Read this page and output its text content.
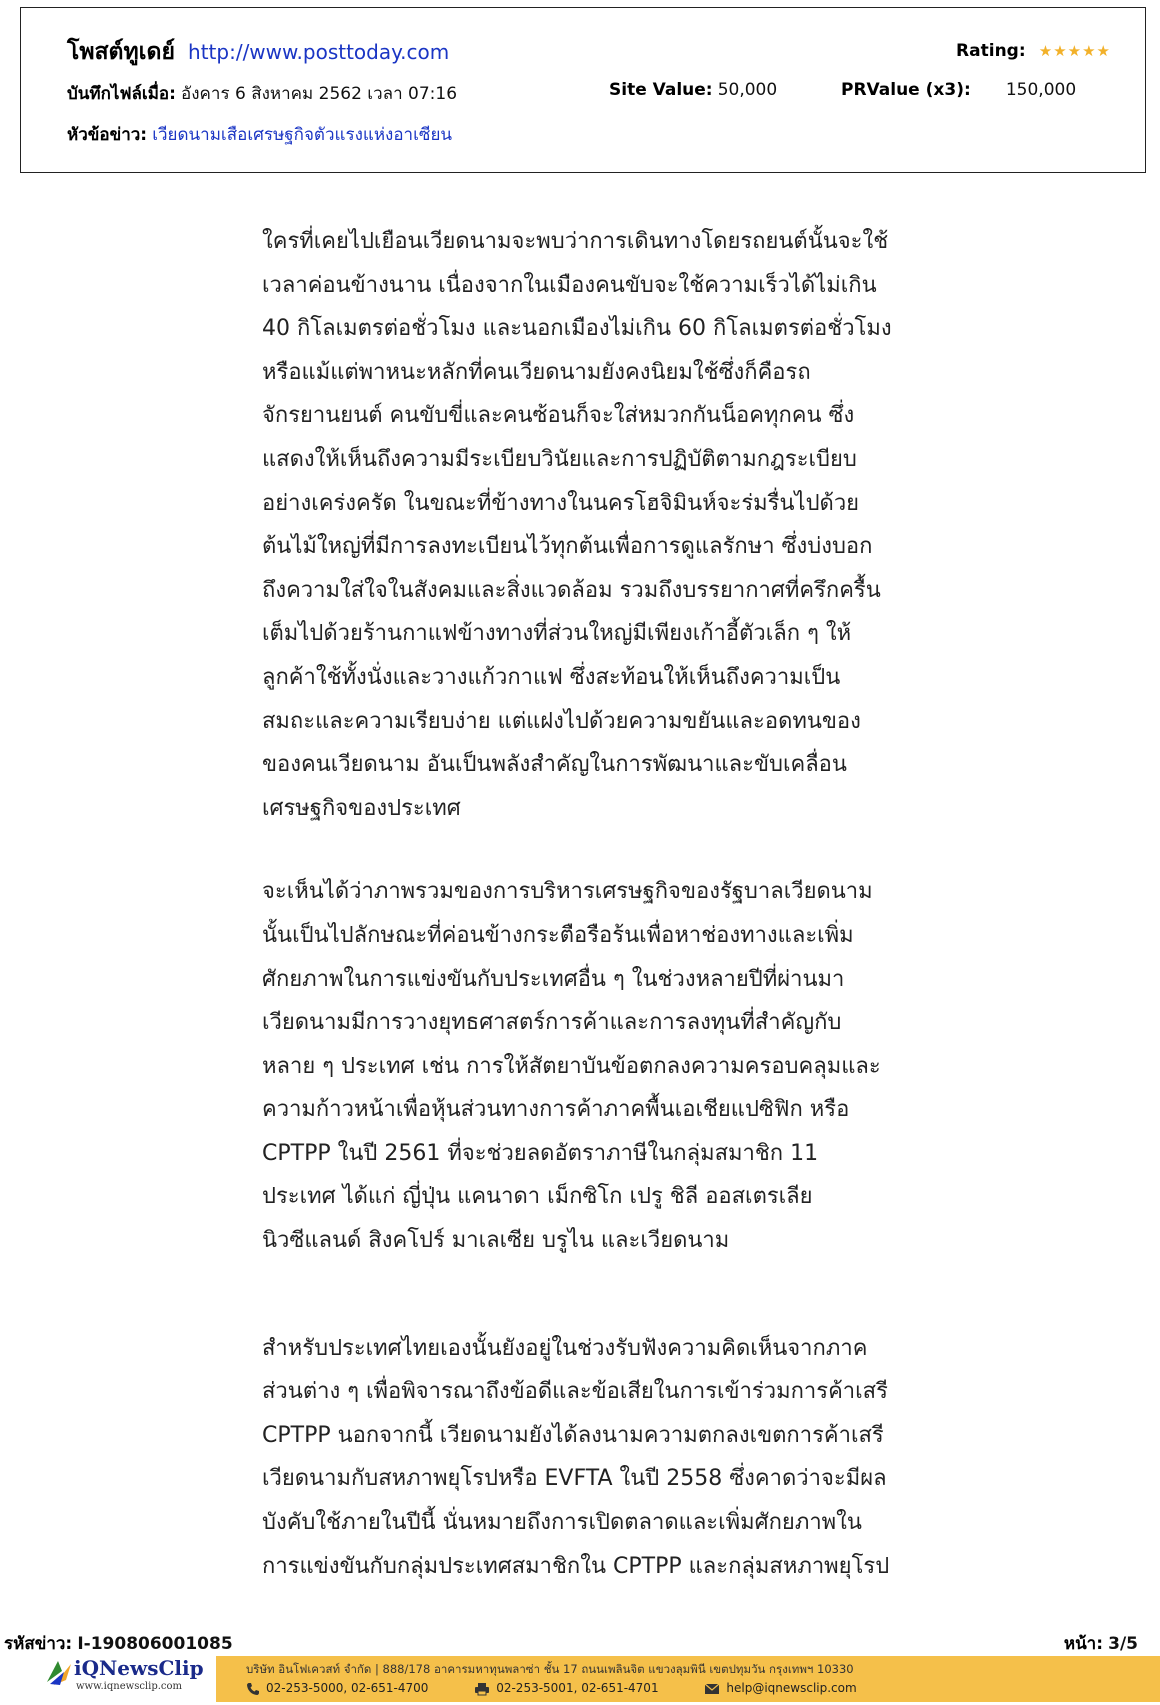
โพสต์ทูเดย์ http://www.posttoday.com	Rating: ★★★★★
บันทึกไฟล์เมื่อ: อังคาร 6 สิงหาคม 2562 เวลา 07:16	Site Value: 50,000	PRValue (x3): 150,000
หัวข้อข่าว: เวียดนามเสือเศรษฐกิจตัวแรงแห่งอาเซียน
ใครที่เคยไปเยือนเวียดนามจะพบว่าการเดินทางโดยรถยนต์นั้นจะใช้
เวลาค่อนข้างนาน เนื่องจากในเมืองคนขับจะใช้ความเร็วได้ไม่เกิน
40 กิโลเมตรต่อชั่วโมง และนอกเมืองไม่เกิน 60 กิโลเมตรต่อชั่วโมง
หรือแม้แต่พาหนะหลักที่คนเวียดนามยังคงนิยมใช้ซึ่งก็คือรถ
จักรยานยนต์ คนขับขี่และคนซ้อนก็จะใส่หมวกกันน็อคทุกคน ซึ่ง
แสดงให้เห็นถึงความมีระเบียบวินัยและการปฏิบัติตามกฎระเบียบ
อย่างเคร่งครัด ในขณะที่ข้างทางในนครโฮจิมินห์จะร่มรื่นไปด้วย
ต้นไม้ใหญ่ที่มีการลงทะเบียนไว้ทุกต้นเพื่อการดูแลรักษา ซึ่งบ่งบอก
ถึงความใส่ใจในสังคมและสิ่งแวดล้อม รวมถึงบรรยากาศที่ครึกครื้น
เต็มไปด้วยร้านกาแฟข้างทางที่ส่วนใหญ่มีเพียงเก้าอี้ตัวเล็ก ๆ ให้
ลูกค้าใช้ทั้งนั่งและวางแก้วกาแฟ ซึ่งสะท้อนให้เห็นถึงความเป็น
สมถะและความเรียบง่าย แต่แฝงไปด้วยความขยันและอดทนของ
ของคนเวียดนาม อันเป็นพลังสำคัญในการพัฒนาและขับเคลื่อน
เศรษฐกิจของประเทศ
จะเห็นได้ว่าภาพรวมของการบริหารเศรษฐกิจของรัฐบาลเวียดนาม
นั้นเป็นไปลักษณะที่ค่อนข้างกระตือรือร้นเพื่อหาช่องทางและเพิ่ม
ศักยภาพในการแข่งขันกับประเทศอื่น ๆ ในช่วงหลายปีที่ผ่านมา
เวียดนามมีการวางยุทธศาสตร์การค้าและการลงทุนที่สำคัญกับ
หลาย ๆ ประเทศ เช่น การให้สัตยาบันข้อตกลงความครอบคลุมและ
ความก้าวหน้าเพื่อหุ้นส่วนทางการค้าภาคพื้นเอเชียแปซิฟิก หรือ
CPTPP ในปี 2561 ที่จะช่วยลดอัตราภาษีในกลุ่มสมาชิก 11
ประเทศ ได้แก่ ญี่ปุ่น แคนาดา เม็กซิโก เปรู ชิลี ออสเตรเลีย
นิวซีแลนด์ สิงคโปร์ มาเลเซีย บรูไน และเวียดนาม
สำหรับประเทศไทยเองนั้นยังอยู่ในช่วงรับฟังความคิดเห็นจากภาค
ส่วนต่าง ๆ เพื่อพิจารณาถึงข้อดีและข้อเสียในการเข้าร่วมการค้าเสรี
CPTPP นอกจากนี้ เวียดนามยังได้ลงนามความตกลงเขตการค้าเสรี
เวียดนามกับสหภาพยุโรปหรือ EVFTA ในปี 2558 ซึ่งคาดว่าจะมีผล
บังคับใช้ภายในปีนี้ นั่นหมายถึงการเปิดตลาดและเพิ่มศักยภาพใน
การแข่งขันกับกลุ่มประเทศสมาชิกใน CPTPP และกลุ่มสหภาพยุโรป
รหัสข่าว: I-190806001085	หน้า: 3/5
iQNewsClip
www.iqnewsclip.com
บริษัท อินโฟเควสท์ จำกัด | 888/178 อาคารมหาทุนพลาซ่า ชั้น 17 ถนนเพลินจิต แขวงลุมพินี เขตปทุมวัน กรุงเทพฯ 10330
02-253-5000, 02-651-4700	02-253-5001, 02-651-4701	help@iqnewsclip.com
